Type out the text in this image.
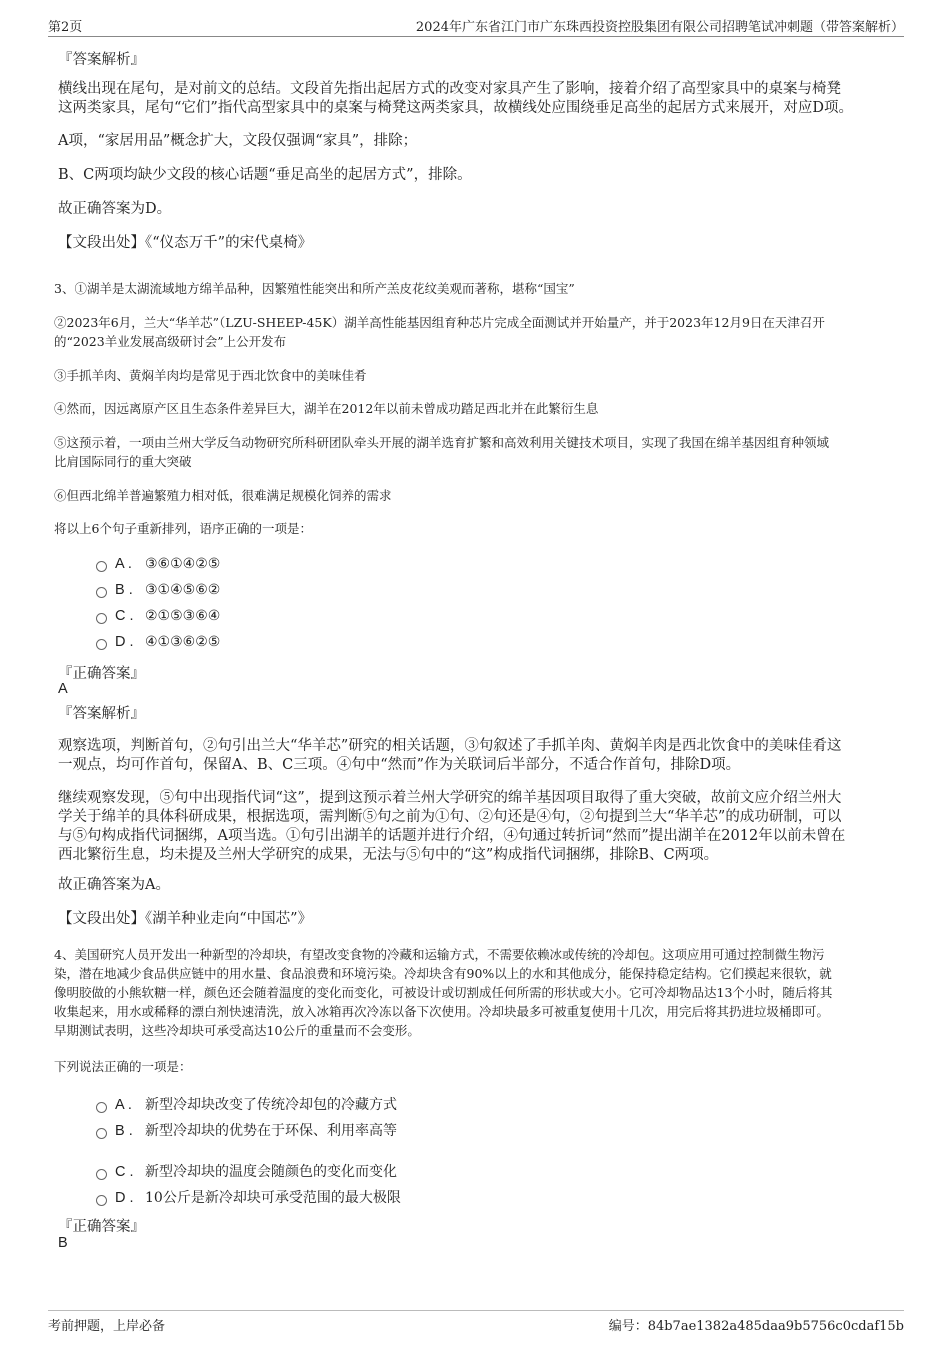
第2页	2024年广东省江门市广东珠西投资控股集团有限公司招聘笔试冲刺题（带答案解析）
『答案解析』
横线出现在尾句，是对前文的总结。文段首先指出起居方式的改变对家具产生了影响，接着介绍了高型家具中的桌案与椅凳
这两类家具，尾句“它们”指代高型家具中的桌案与椅凳这两类家具，故横线处应围绕垂足高坐的起居方式来展开，对应D项。
A项，“家居用品”概念扩大，文段仅强调“家具”，排除；
B、C两项均缺少文段的核心话题“垂足高坐的起居方式”，排除。
故正确答案为D。
【文段出处】《“仪态万千”的宋代桌椅》
3、①湖羊是太湖流域地方绵羊品种，因繁殖性能突出和所产羔皮花纹美观而著称，堪称“国宝”
②2023年6月，兰大“华羊芯”（LZU-SHEEP-45K）湖羊高性能基因组育种芯片完成全面测试并开始量产，并于2023年12月9日在天津召开
的“2023羊业发展高级研讨会”上公开发布
③手抓羊肉、黄焖羊肉均是常见于西北饮食中的美味佳肴
④然而，因远离原产区且生态条件差异巨大，湖羊在2012年以前未曾成功踏足西北并在此繁衍生息
⑤这预示着，一项由兰州大学反刍动物研究所科研团队牵头开展的湖羊选育扩繁和高效利用关键技术项目，实现了我国在绵羊基因组育种领域
比肩国际同行的重大突破
⑥但西北绵羊普遍繁殖力相对低，很难满足规模化饲养的需求
将以上6个句子重新排列，语序正确的一项是：
A . ③⑥①④②⑤
B . ③①④⑤⑥②
C . ②①⑤③⑥④
D . ④①③⑥②⑤
『正确答案』
A
『答案解析』
观察选项，判断首句，②句引出兰大“华羊芯”研究的相关话题，③句叙述了手抓羊肉、黄焖羊肉是西北饮食中的美味佳肴这
一观点，均可作首句，保留A、B、C三项。④句中“然而”作为关联词后半部分，不适合作首句，排除D项。
继续观察发现，⑤句中出现指代词“这”，提到这预示着兰州大学研究的绵羊基因项目取得了重大突破，故前文应介绍兰州大
学关于绵羊的具体科研成果，根据选项，需判断⑤句之前为①句、②句还是④句，②句提到兰大“华羊芯”的成功研制，可以
与⑤句构成指代词捆绑，A项当选。①句引出湖羊的话题并进行介绍，④句通过转折词“然而”提出湖羊在2012年以前未曾在
西北繁衍生息，均未提及兰州大学研究的成果，无法与⑤句中的“这”构成指代词捆绑，排除B、C两项。
故正确答案为A。
【文段出处】《湖羊种业走向“中国芯”》
4、美国研究人员开发出一种新型的冷却块，有望改变食物的冷藏和运输方式，不需要依赖冰或传统的冷却包。这项应用可通过控制微生物污
染，潜在地减少食品供应链中的用水量、食品浪费和环境污染。冷却块含有90%以上的水和其他成分，能保持稳定结构。它们摸起来很软，就
像明胶做的小熊软糖一样，颜色还会随着温度的变化而变化，可被设计或切割成任何所需的形状或大小。它可冷却物品达13个小时，随后将其
收集起来，用水或稀释的漂白剂快速清洗，放入冰箱再次冷冻以备下次使用。冷却块最多可被重复使用十几次，用完后将其扔进垃圾桶即可。
早期测试表明，这些冷却块可承受高达10公斤的重量而不会变形。
下列说法正确的一项是：
A . 新型冷却块改变了传统冷却包的冷藏方式
B . 新型冷却块的优势在于环保、利用率高等
C . 新型冷却块的温度会随颜色的变化而变化
D . 10公斤是新冷却块可承受范围的最大极限
『正确答案』
B
考前押题，上岸必备	编号：84b7ae1382a485daa9b5756c0cdaf15b
